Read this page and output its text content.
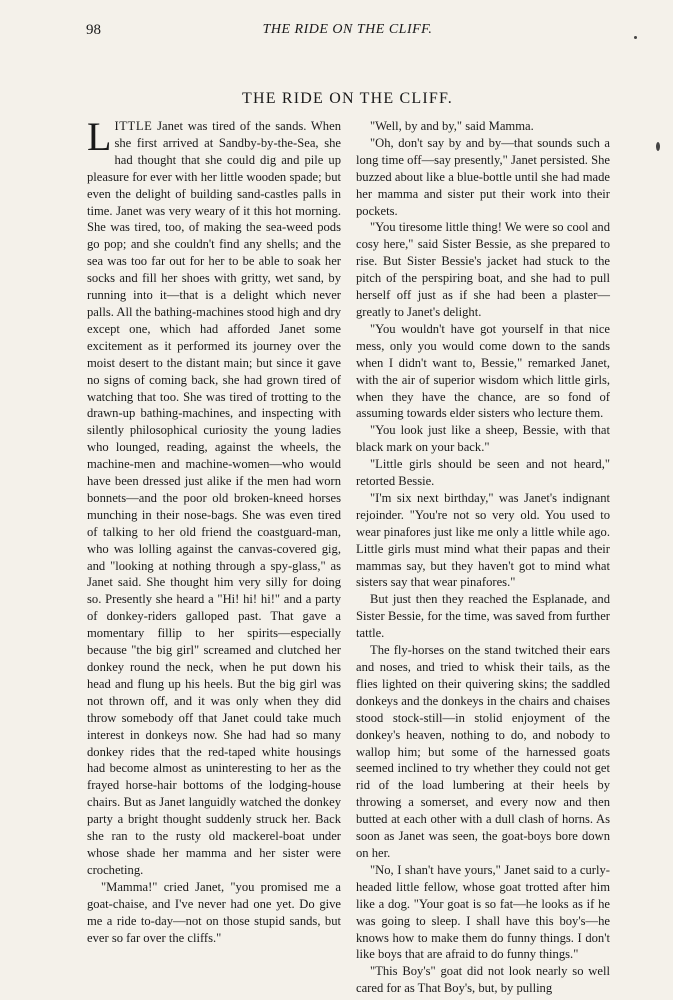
98	THE RIDE ON THE CLIFF.
THE RIDE ON THE CLIFF.

LITTLE Janet was tired of the sands. When she first arrived at Sandby-by-the-Sea, she had thought that she could dig and pile up pleasure for ever with her little wooden spade; but even the delight of building sand-castles palls in time. Janet was very weary of it this hot morning. She was tired, too, of making the sea-weed pods go pop; and she couldn't find any shells; and the sea was too far out for her to be able to soak her socks and fill her shoes with gritty, wet sand, by running into it—that is a delight which never palls. All the bathing-machines stood high and dry except one, which had afforded Janet some excitement as it performed its journey over the moist desert to the distant main; but since it gave no signs of coming back, she had grown tired of watching that too. She was tired of trotting to the drawn-up bathing-machines, and inspecting with silently philosophical curiosity the young ladies who lounged, reading, against the wheels, the machine-men and machine-women—who would have been dressed just alike if the men had worn bonnets—and the poor old broken-kneed horses munching in their nose-bags. She was even tired of talking to her old friend the coastguard-man, who was lolling against the canvas-covered gig, and "looking at nothing through a spy-glass," as Janet said. She thought him very silly for doing so. Presently she heard a "Hi! hi! hi!" and a party of donkey-riders galloped past. That gave a momentary fillip to her spirits—especially because "the big girl" screamed and clutched her donkey round the neck, when he put down his head and flung up his heels. But the big girl was not thrown off, and it was only when they did throw somebody off that Janet could take much interest in donkeys now. She had had so many donkey rides that the red-taped white housings had become almost as uninteresting to her as the frayed horse-hair bottoms of the lodging-house chairs. But as Janet languidly watched the donkey party a bright thought suddenly struck her. Back she ran to the rusty old mackerel-boat under whose shade her mamma and her sister were crocheting.

"Mamma!" cried Janet, "you promised me a goat-chaise, and I've never had one yet. Do give me a ride to-day—not on those stupid sands, but ever so far over the cliffs."

"Well, by and by," said Mamma.

"Oh, don't say by and by—that sounds such a long time off—say presently," Janet persisted. She buzzed about like a blue-bottle until she had made her mamma and sister put their work into their pockets.

"You tiresome little thing! We were so cool and cosy here," said Sister Bessie, as she prepared to rise. But Sister Bessie's jacket had stuck to the pitch of the perspiring boat, and she had to pull herself off just as if she had been a plaster—greatly to Janet's delight.

"You wouldn't have got yourself in that nice mess, only you would come down to the sands when I didn't want to, Bessie," remarked Janet, with the air of superior wisdom which little girls, when they have the chance, are so fond of assuming towards elder sisters who lecture them.

"You look just like a sheep, Bessie, with that black mark on your back."

"Little girls should be seen and not heard," retorted Bessie.

"I'm six next birthday," was Janet's indignant rejoinder. "You're not so very old. You used to wear pinafores just like me only a little while ago. Little girls must mind what their papas and their mammas say, but they haven't got to mind what sisters say that wear pinafores."

But just then they reached the Esplanade, and Sister Bessie, for the time, was saved from further tattle.

The fly-horses on the stand twitched their ears and noses, and tried to whisk their tails, as the flies lighted on their quivering skins; the saddled donkeys and the donkeys in the chairs and chaises stood stock-still—in stolid enjoyment of the donkey's heaven, nothing to do, and nobody to wallop him; but some of the harnessed goats seemed inclined to try whether they could not get rid of the load lumbering at their heels by throwing a somerset, and every now and then butted at each other with a dull clash of horns. As soon as Janet was seen, the goat-boys bore down on her.

"No, I shan't have yours," Janet said to a curly-headed little fellow, whose goat trotted after him like a dog. "Your goat is so fat—he looks as if he was going to sleep. I shall have this boy's—he knows how to make them do funny things. I don't like boys that are afraid to do funny things."

"This Boy's" goat did not look nearly so well cared for as That Boy's, but, by pulling
